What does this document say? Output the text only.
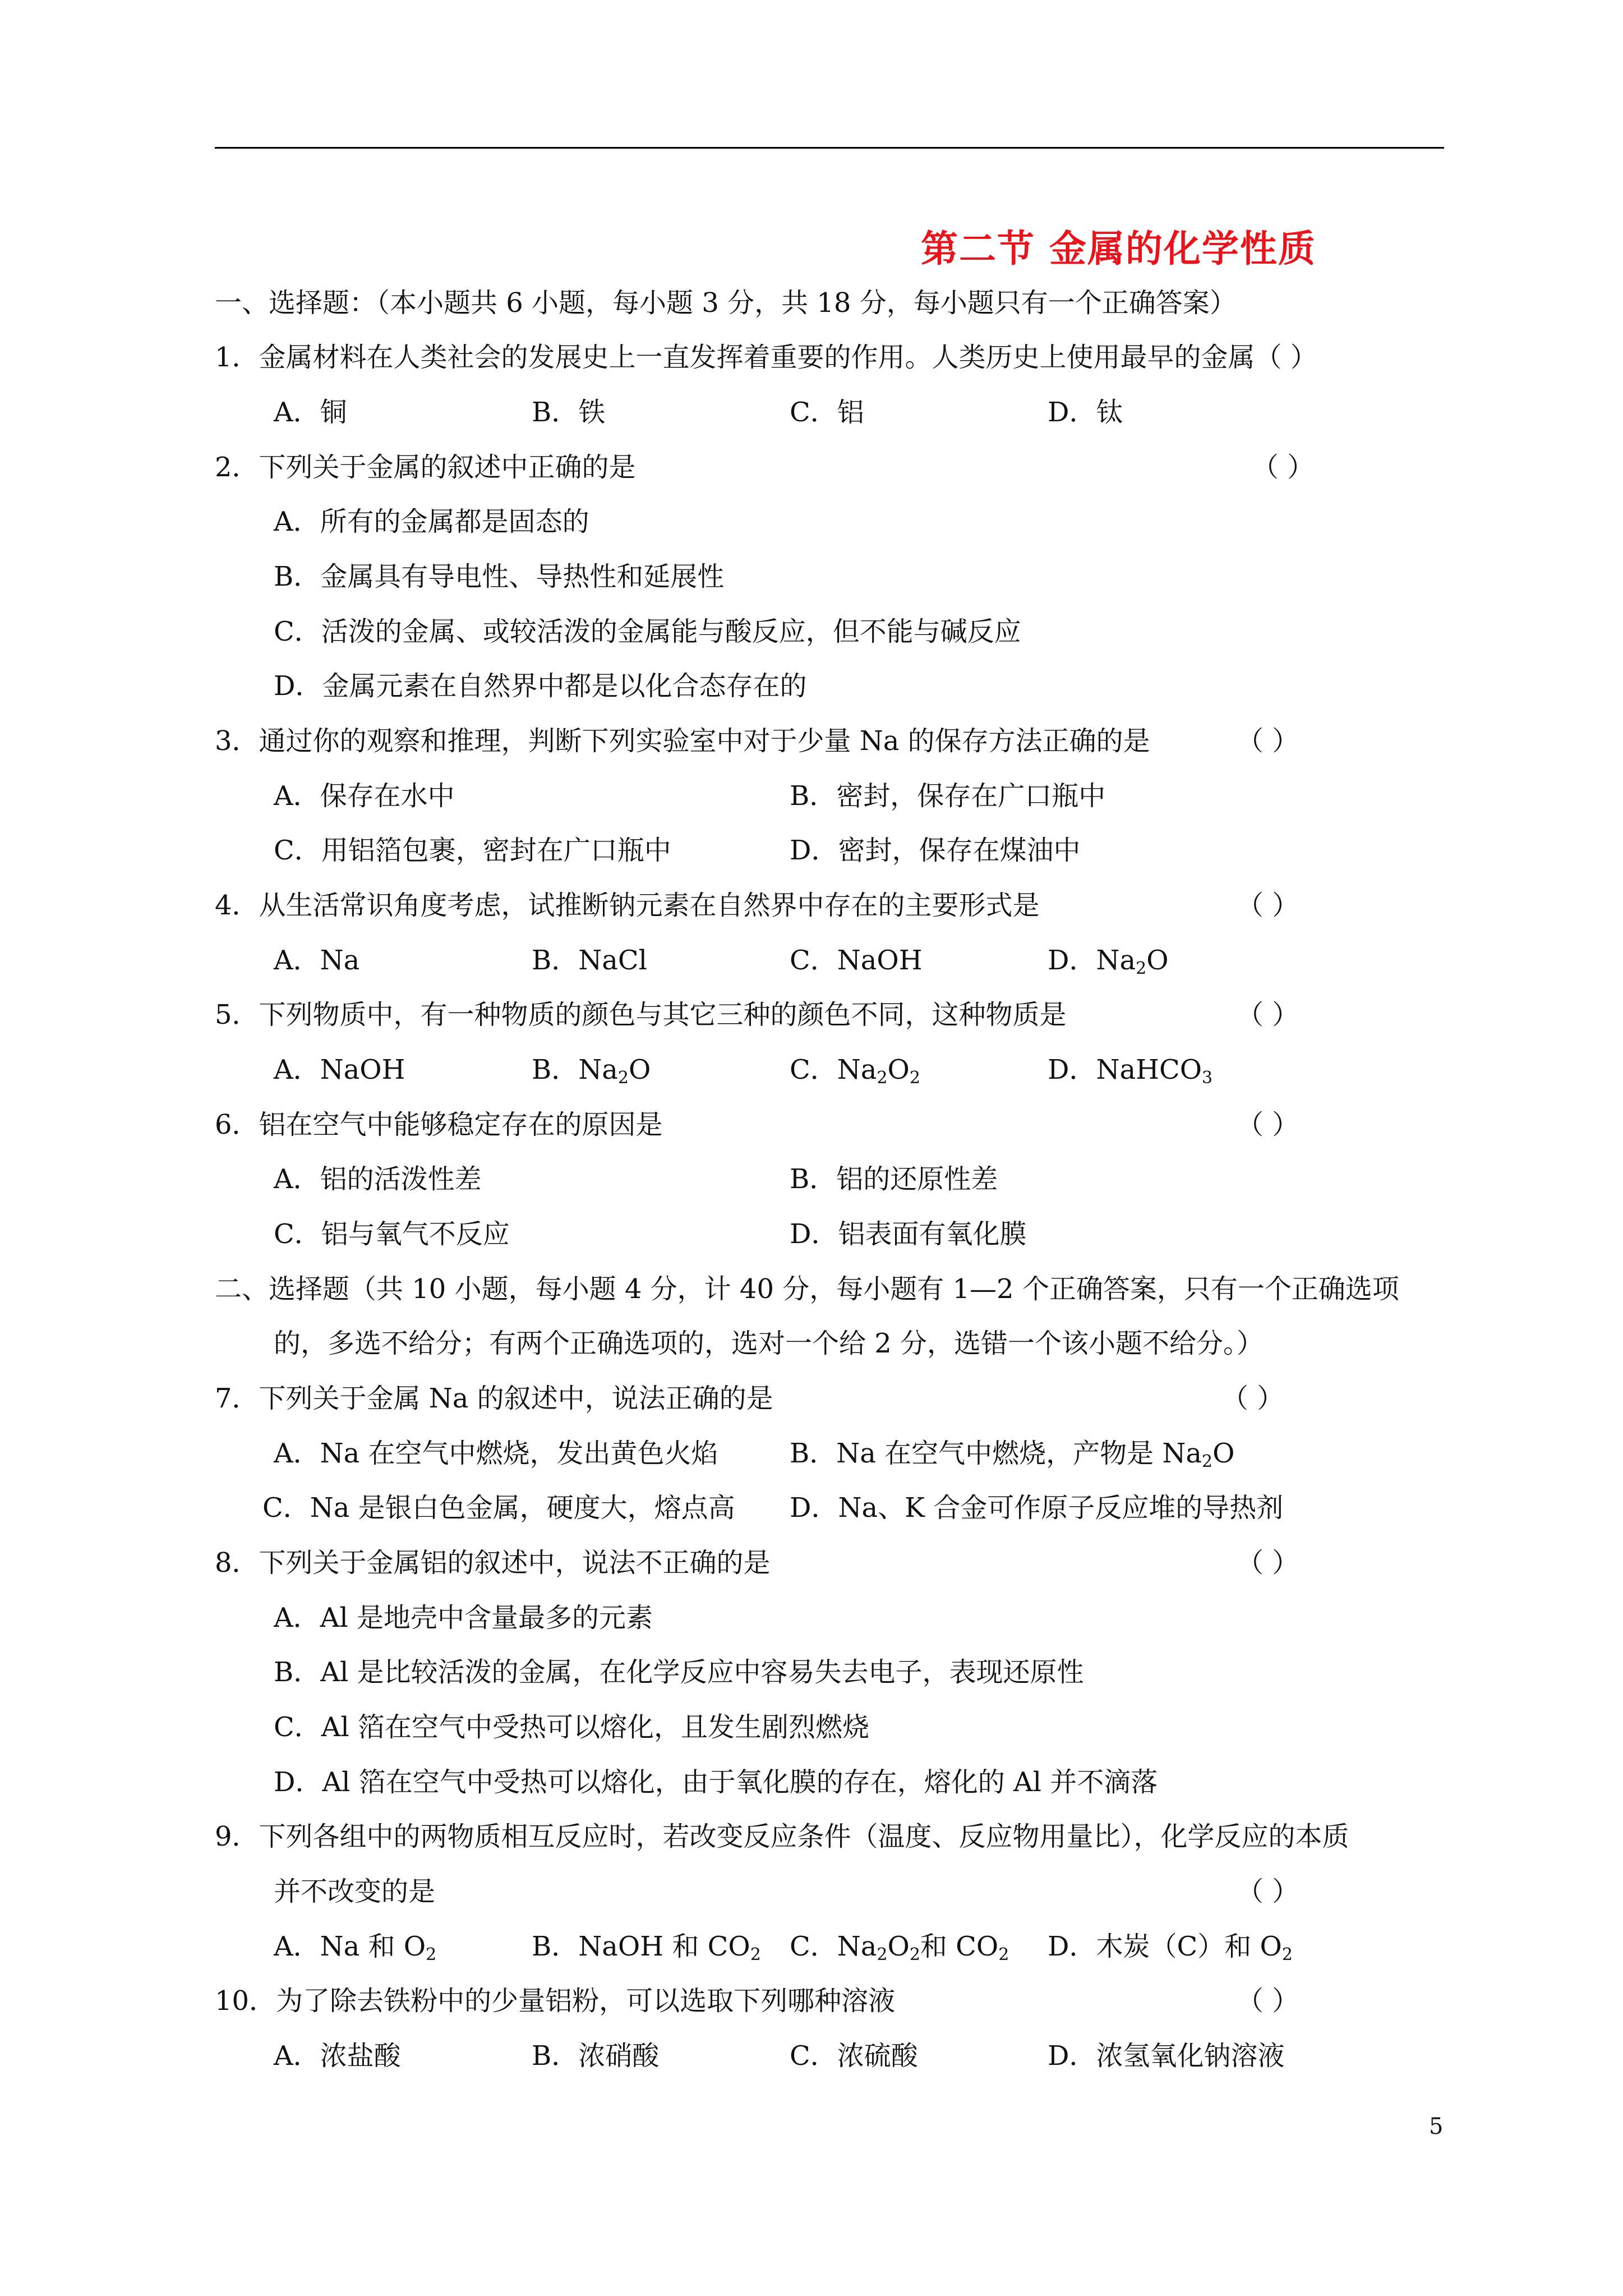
第二节 金属的化学性质
一、选择题：（本小题共 6 小题，每小题 3 分，共 18 分，每小题只有一个正确答案）
1．金属材料在人类社会的发展史上一直发挥着重要的作用。人类历史上使用最早的金属（ ）
A．铜	B．铁	C．铝	D．钛
2．下列关于金属的叙述中正确的是	（ ）
A．所有的金属都是固态的
B．金属具有导电性、导热性和延展性
C．活泼的金属、或较活泼的金属能与酸反应，但不能与碱反应
D．金属元素在自然界中都是以化合态存在的
3．通过你的观察和推理，判断下列实验室中对于少量 Na 的保存方法正确的是	（ ）
A．保存在水中	B．密封，保存在广口瓶中
C．用铝箔包裹，密封在广口瓶中	D．密封，保存在煤油中
4．从生活常识角度考虑，试推断钠元素在自然界中存在的主要形式是	（ ）
A．Na	B．NaCl	C．NaOH	D．$Na_2O$
5．下列物质中，有一种物质的颜色与其它三种的颜色不同，这种物质是	（ ）
A．NaOH	B．$Na_2O$	C．$Na_2O_2$	D．NaHCO$_3$
6．铝在空气中能够稳定存在的原因是	（ ）
A．铝的活泼性差	B．铝的还原性差
C．铝与氧气不反应	D．铝表面有氧化膜
二、选择题（共 10 小题，每小题 4 分，计 40 分，每小题有 1—2 个正确答案，只有一个正确选项
的，多选不给分；有两个正确选项的，选对一个给 2 分，选错一个该小题不给分。）
7．下列关于金属 Na 的叙述中，说法正确的是	（ ）
A．Na 在空气中燃烧，发出黄色火焰	B．Na 在空气中燃烧，产物是 $Na_2O$
C．Na 是银白色金属，硬度大，熔点高 D．Na、K 合金可作原子反应堆的导热剂
8．下列关于金属铝的叙述中，说法不正确的是	（ ）
A．Al 是地壳中含量最多的元素
B．Al 是比较活泼的金属，在化学反应中容易失去电子，表现还原性
C．Al 箔在空气中受热可以熔化，且发生剧烈燃烧
D．Al 箔在空气中受热可以熔化，由于氧化膜的存在，熔化的 Al 并不滴落
9．下列各组中的两物质相互反应时，若改变反应条件（温度、反应物用量比），化学反应的本质
并不改变的是	（ ）
A．Na 和 $O_2$	B．NaOH 和 $CO_2$ C．$Na_2O_2$和 $CO_2$ D．木炭（C）和 $O_2$
10．为了除去铁粉中的少量铝粉，可以选取下列哪种溶液	（ ）
A．浓盐酸	B．浓硝酸	C．浓硫酸	D．浓氢氧化钠溶液
5
